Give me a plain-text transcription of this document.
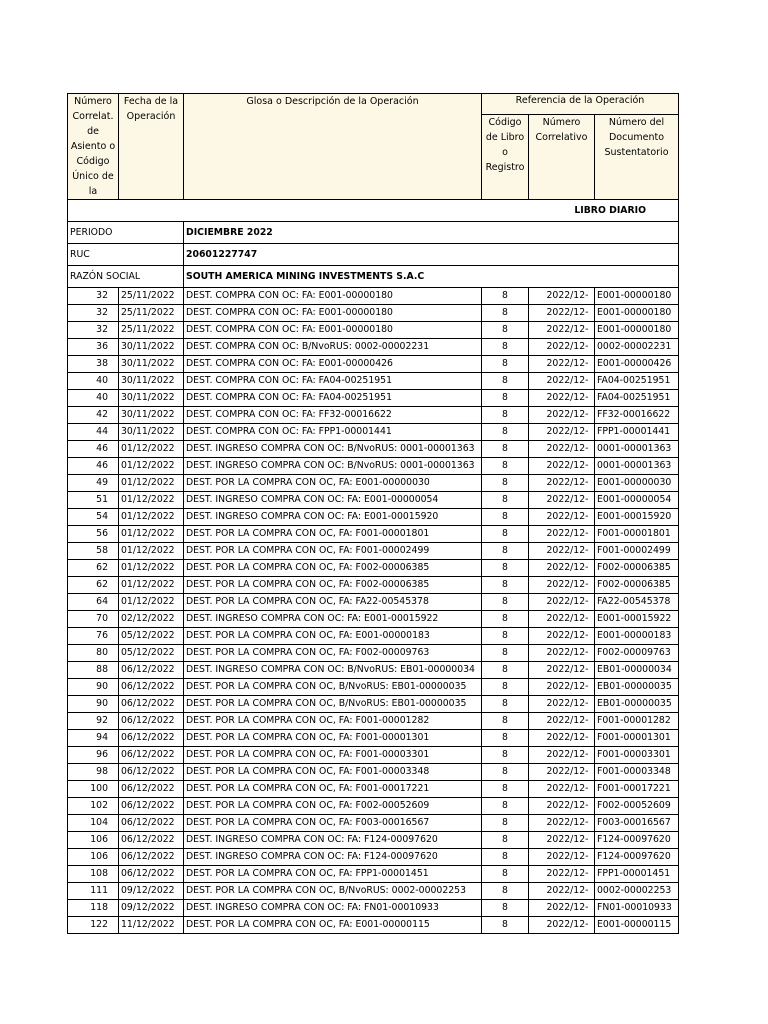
LIBRO DIARIO					
PERIODO		DICIEMBRE 2022			
RUC		20601227747			
RAZÓN SOCIAL		SOUTH AMERICA MINING INVESTMENTS S.A.C			
Número Correlat. de Asiento o Código Único de la	Fecha de la Operación	Glosa o Descripción de la Operación	Referencia de la Operación		
			Código de Libro o Registro	Número Correlativo	Número del Documento Sustentatorio
32	25/11/2022	DEST. COMPRA CON OC: FA: E001-00000180	8	2022/12-	E001-00000180
32	25/11/2022	DEST. COMPRA CON OC: FA: E001-00000180	8	2022/12-	E001-00000180
32	25/11/2022	DEST. COMPRA CON OC: FA: E001-00000180	8	2022/12-	E001-00000180
36	30/11/2022	DEST. COMPRA CON OC: B/NvoRUS: 0002-00002231	8	2022/12-	0002-00002231
38	30/11/2022	DEST. COMPRA CON OC: FA: E001-00000426	8	2022/12-	E001-00000426
40	30/11/2022	DEST. COMPRA CON OC: FA: FA04-00251951	8	2022/12-	FA04-00251951
40	30/11/2022	DEST. COMPRA CON OC: FA: FA04-00251951	8	2022/12-	FA04-00251951
42	30/11/2022	DEST. COMPRA CON OC: FA: FF32-00016622	8	2022/12-	FF32-00016622
44	30/11/2022	DEST. COMPRA CON OC: FA: FPP1-00001441	8	2022/12-	FPP1-00001441
46	01/12/2022	DEST. INGRESO COMPRA CON OC: B/NvoRUS: 0001-00001363	8	2022/12-	0001-00001363
46	01/12/2022	DEST. INGRESO COMPRA CON OC: B/NvoRUS: 0001-00001363	8	2022/12-	0001-00001363
49	01/12/2022	DEST. POR LA COMPRA CON OC, FA: E001-00000030	8	2022/12-	E001-00000030
51	01/12/2022	DEST. INGRESO COMPRA CON OC: FA: E001-00000054	8	2022/12-	E001-00000054
54	01/12/2022	DEST. INGRESO COMPRA CON OC: FA: E001-00015920	8	2022/12-	E001-00015920
56	01/12/2022	DEST. POR LA COMPRA CON OC, FA: F001-00001801	8	2022/12-	F001-00001801
58	01/12/2022	DEST. POR LA COMPRA CON OC, FA: F001-00002499	8	2022/12-	F001-00002499
62	01/12/2022	DEST. POR LA COMPRA CON OC, FA: F002-00006385	8	2022/12-	F002-00006385
62	01/12/2022	DEST. POR LA COMPRA CON OC, FA: F002-00006385	8	2022/12-	F002-00006385
64	01/12/2022	DEST. POR LA COMPRA CON OC, FA: FA22-00545378	8	2022/12-	FA22-00545378
70	02/12/2022	DEST. INGRESO COMPRA CON OC: FA: E001-00015922	8	2022/12-	E001-00015922
76	05/12/2022	DEST. POR LA COMPRA CON OC, FA: E001-00000183	8	2022/12-	E001-00000183
80	05/12/2022	DEST. POR LA COMPRA CON OC, FA: F002-00009763	8	2022/12-	F002-00009763
88	06/12/2022	DEST. INGRESO COMPRA CON OC: B/NvoRUS: EB01-00000034	8	2022/12-	EB01-00000034
90	06/12/2022	DEST. POR LA COMPRA CON OC, B/NvoRUS: EB01-00000035	8	2022/12-	EB01-00000035
90	06/12/2022	DEST. POR LA COMPRA CON OC, B/NvoRUS: EB01-00000035	8	2022/12-	EB01-00000035
92	06/12/2022	DEST. POR LA COMPRA CON OC, FA: F001-00001282	8	2022/12-	F001-00001282
94	06/12/2022	DEST. POR LA COMPRA CON OC, FA: F001-00001301	8	2022/12-	F001-00001301
96	06/12/2022	DEST. POR LA COMPRA CON OC, FA: F001-00003301	8	2022/12-	F001-00003301
98	06/12/2022	DEST. POR LA COMPRA CON OC, FA: F001-00003348	8	2022/12-	F001-00003348
100	06/12/2022	DEST. POR LA COMPRA CON OC, FA: F001-00017221	8	2022/12-	F001-00017221
102	06/12/2022	DEST. POR LA COMPRA CON OC, FA: F002-00052609	8	2022/12-	F002-00052609
104	06/12/2022	DEST. POR LA COMPRA CON OC, FA: F003-00016567	8	2022/12-	F003-00016567
106	06/12/2022	DEST. INGRESO COMPRA CON OC: FA: F124-00097620	8	2022/12-	F124-00097620
106	06/12/2022	DEST. INGRESO COMPRA CON OC: FA: F124-00097620	8	2022/12-	F124-00097620
108	06/12/2022	DEST. POR LA COMPRA CON OC, FA: FPP1-00001451	8	2022/12-	FPP1-00001451
111	09/12/2022	DEST. POR LA COMPRA CON OC, B/NvoRUS: 0002-00002253	8	2022/12-	0002-00002253
118	09/12/2022	DEST. INGRESO COMPRA CON OC: FA: FN01-00010933	8	2022/12-	FN01-00010933
122	11/12/2022	DEST. POR LA COMPRA CON OC, FA: E001-00000115	8	2022/12-	E001-00000115
